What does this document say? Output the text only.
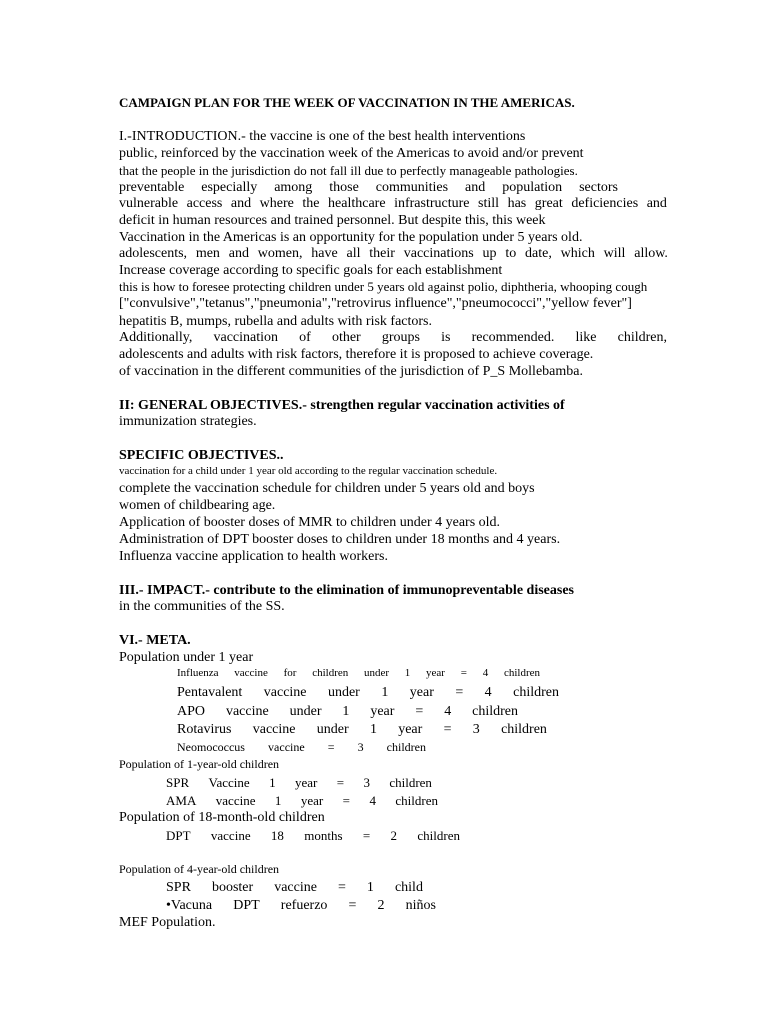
CAMPAIGN PLAN FOR THE WEEK OF VACCINATION IN THE AMERICAS.
I.-INTRODUCTION.- the vaccine is one of the best health interventions
public, reinforced by the vaccination week of the Americas to avoid and/or prevent
that the people in the jurisdiction do not fall ill due to perfectly manageable pathologies.
preventable especially among those communities and population sectors
vulnerable access and where the healthcare infrastructure still has great deficiencies and
deficit in human resources and trained personnel. But despite this, this week
Vaccination in the Americas is an opportunity for the population under 5 years old.
adolescents, men and women, have all their vaccinations up to date, which will allow.
Increase coverage according to specific goals for each establishment
this is how to foresee protecting children under 5 years old against polio, diphtheria, whooping cough
["convulsive","tetanus","pneumonia","retrovirus influence","pneumococci","yellow fever"]
hepatitis B, mumps, rubella and adults with risk factors.
Additionally, vaccination of other groups is recommended. like children,
adolescents and adults with risk factors, therefore it is proposed to achieve coverage.
of vaccination in the different communities of the jurisdiction of P_S Mollebamba.
II: GENERAL OBJECTIVES.- strengthen regular vaccination activities of
immunization strategies.
SPECIFIC OBJECTIVES..
vaccination for a child under 1 year old according to the regular vaccination schedule.
complete the vaccination schedule for children under 5 years old and boys
women of childbearing age.
Application of booster doses of MMR to children under 4 years old.
Administration of DPT booster doses to children under 18 months and 4 years.
Influenza vaccine application to health workers.
III.- IMPACT.- contribute to the elimination of immunopreventable diseases
in the communities of the SS.
VI.- META.
Population under 1 year
Influenza vaccine for children under 1 year = 4 children
Pentavalent vaccine under 1 year = 4 children
APO vaccine under 1 year = 4 children
Rotavirus vaccine under 1 year = 3 children
Neomococcus vaccine = 3 children
Population of 1-year-old children
SPR Vaccine 1 year = 3 children
AMA vaccine 1 year = 4 children
Population of 18-month-old children
DPT vaccine 18 months = 2 children
Population of 4-year-old children
SPR booster vaccine = 1 child
•Vacuna DPT refuerzo = 2 niños
MEF Population.
